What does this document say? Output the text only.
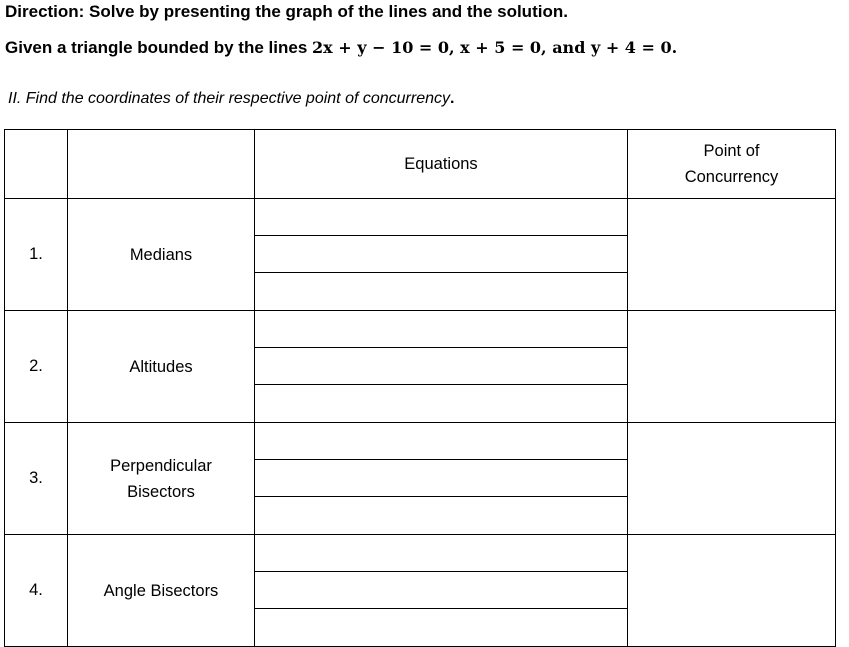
Direction: Solve by presenting the graph of the lines and the solution.
Given a triangle bounded by the lines 2x + y − 10 = 0, x + 5 = 0, and y + 4 = 0.
II. Find the coordinates of their respective point of concurrency.
		Equations	Point of
Concurrency

1.	Medians		

2.	Altitudes		

3.	Perpendicular
Bisectors		

4.	Angle Bisectors		
